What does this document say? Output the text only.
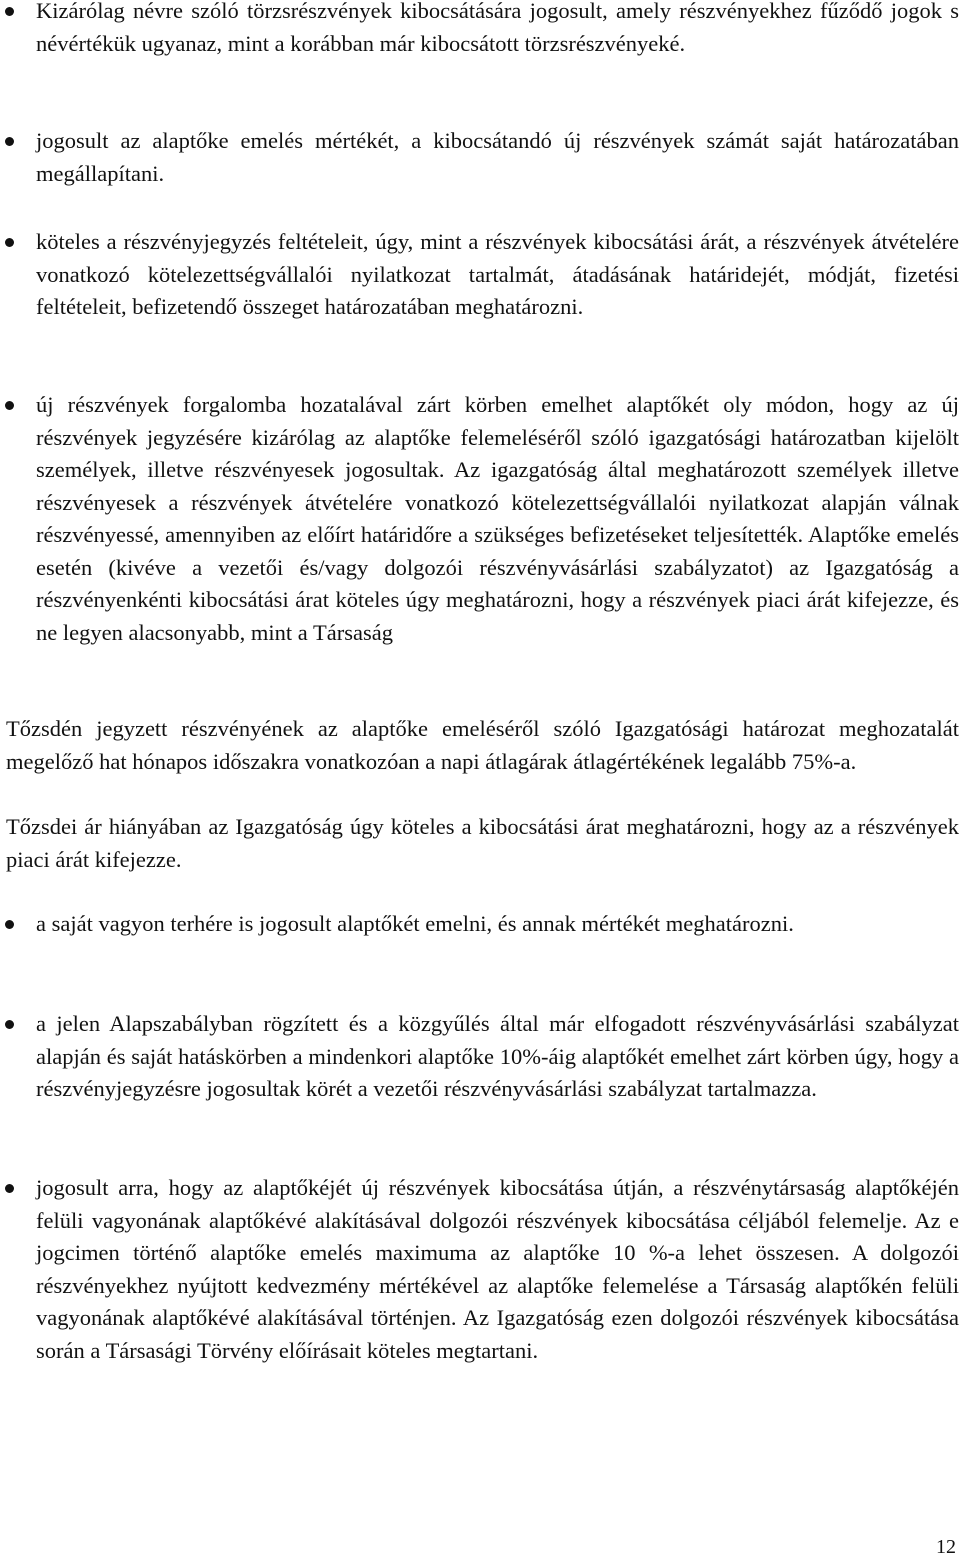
Kizárólag névre szóló törzsrészvények kibocsátására jogosult, amely részvényekhez fűződő jogok s névértékük ugyanaz, mint a korábban már kibocsátott törzsrészvényeké.

jogosult az alaptőke emelés mértékét, a kibocsátandó új részvények számát saját határozatában megállapítani.

köteles a részvényjegyzés feltételeit, úgy, mint a részvények kibocsátási árát, a részvények átvételére vonatkozó kötelezettségvállalói nyilatkozat tartalmát, átadásának határidejét, módját, fizetési feltételeit, befizetendő összeget határozatában meghatározni.

új részvények forgalomba hozatalával zárt körben emelhet alaptőkét oly módon, hogy az új részvények jegyzésére kizárólag az alaptőke felemeléséről szóló igazgatósági határozatban kijelölt személyek, illetve részvényesek jogosultak. Az igazgatóság által meghatározott személyek illetve részvényesek a részvények átvételére vonatkozó kötelezettségvállalói nyilatkozat alapján válnak részvényessé, amennyiben az előírt határidőre a szükséges befizetéseket teljesítették. Alaptőke emelés esetén (kivéve a vezetői és/vagy dolgozói részvényvásárlási szabályzatot) az Igazgatóság a részvényenkénti kibocsátási árat köteles úgy meghatározni, hogy a részvények piaci árát kifejezze, és ne legyen alacsonyabb, mint a Társaság

Tőzsdén jegyzett részvényének az alaptőke emeléséről szóló Igazgatósági határozat meghozatalát megelőző hat hónapos időszakra vonatkozóan a napi átlagárak átlagértékének legalább 75%-a.

Tőzsdei ár hiányában az Igazgatóság úgy köteles a kibocsátási árat meghatározni, hogy az a részvények piaci árát kifejezze.

a saját vagyon terhére is jogosult alaptőkét emelni, és annak mértékét meghatározni.

a jelen Alapszabályban rögzített és a közgyűlés által már elfogadott részvényvásárlási szabályzat alapján és saját hatáskörben a mindenkori alaptőke 10%-áig alaptőkét emelhet zárt körben úgy, hogy a részvényjegyzésre jogosultak körét a vezetői részvényvásárlási szabályzat tartalmazza.

jogosult arra, hogy az alaptőkéjét új részvények kibocsátása útján, a részvénytársaság alaptőkéjén felüli vagyonának alaptőkévé alakításával dolgozói részvények kibocsátása céljából felemelje. Az e jogcimen történő alaptőke emelés maximuma az alaptőke 10 %-a lehet összesen. A dolgozói részvényekhez nyújtott kedvezmény mértékével az alaptőke felemelése a Társaság alaptőkén felüli vagyonának alaptőkévé alakításával történjen. Az Igazgatóság ezen dolgozói részvények kibocsátása során a Társasági Törvény előírásait köteles megtartani.

12
